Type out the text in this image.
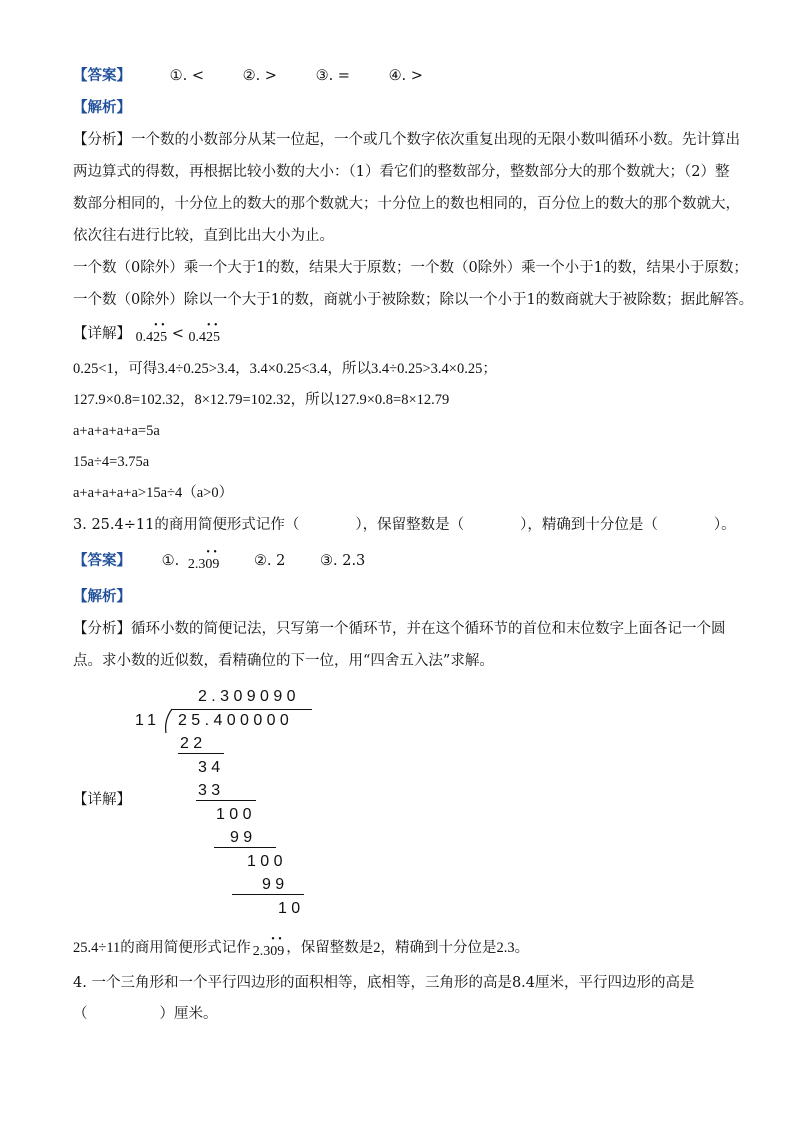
【答案】	①. <	②. >	③. =	④. >
【解析】
【分析】一个数的小数部分从某一位起，一个或几个数字依次重复出现的无限小数叫循环小数。先计算出
两边算式的得数，再根据比较小数的大小：（1）看它们的整数部分，整数部分大的那个数就大；（2）整
数部分相同的，十分位上的数大的那个数就大；十分位上的数也相同的，百分位上的数大的那个数就大，
依次往右进行比较，直到比出大小为止。
一个数（0除外）乘一个大于1的数，结果大于原数；一个数（0除外）乘一个小于1的数，结果小于原数；
一个数（0除外）除以一个大于1的数，商就小于被除数；除以一个小于1的数商就大于被除数；据此解答。
【详解】 0.4
•
2
•
5 < 0.4
•
2
•
5
0.25<1，可得3.4÷0.25>3.4，3.4×0.25<3.4，所以3.4÷0.25>3.4×0.25；
127.9×0.8=102.32，8×12.79=102.32，所以127.9×0.8=8×12.79
a+a+a+a+a=5a
15a÷4=3.75a
a+a+a+a+a>15a÷4（a>0）
3. 25.4÷11的商用简便形式记作（	），保留整数是（	），精确到十分位是（	）。
【答案】 ①. 2.3
•
0
•
9 ②. 2 ③. 2.3
【解析】
【分析】循环小数的简便记法，只写第一个循环节，并在这个循环节的首位和末位数字上面各记一个圆
点。求小数的近似数，看精确位的下一位，用“四舍五入法”求解。
【详解】
2.309090
11 25.400000
22
34
33
100
99
100
99
10
25.4÷11的商用简便形式记作 2.3
•
0
•
9 ，保留整数是2，精确到十分位是2.3。
4. 一个三角形和一个平行四边形的面积相等，底相等，三角形的高是8.4厘米，平行四边形的高是
（	）厘米。
